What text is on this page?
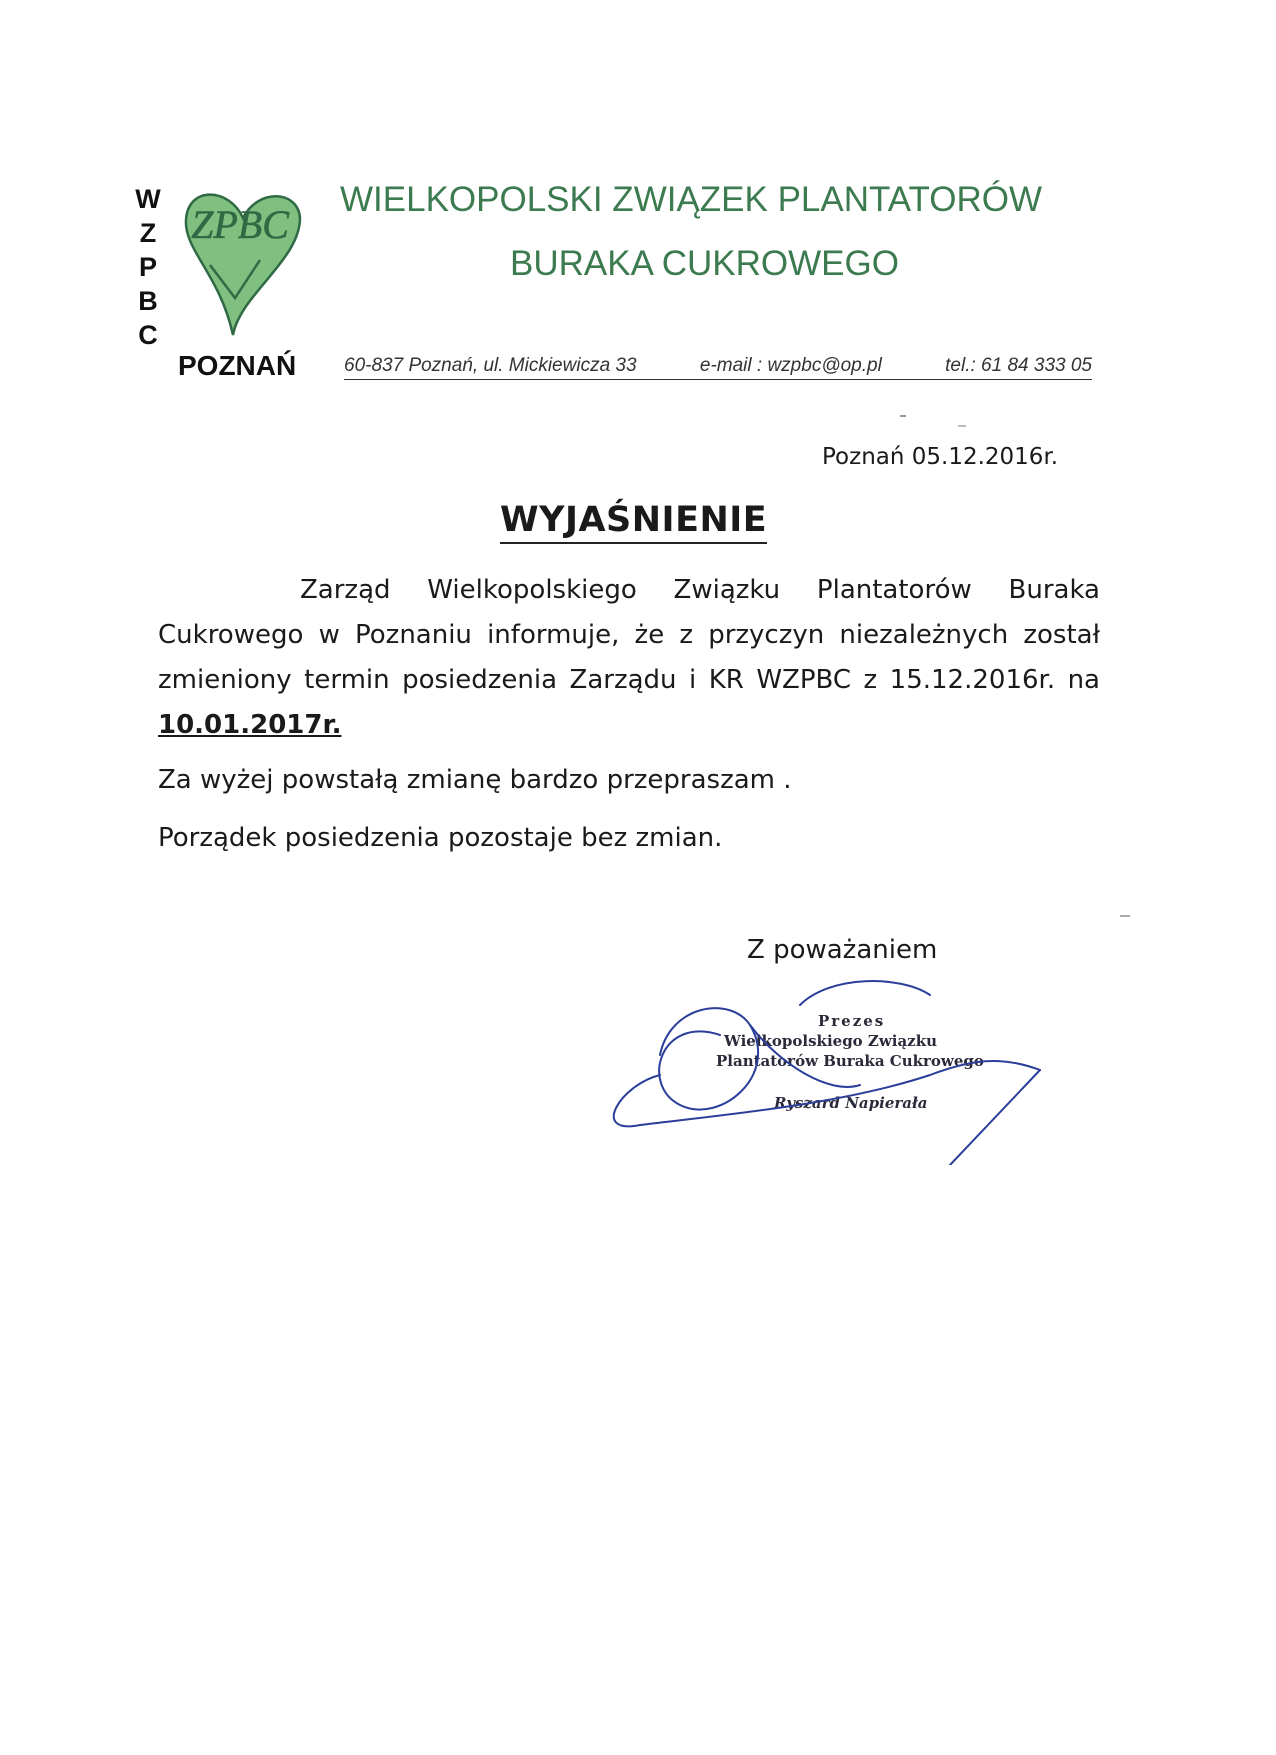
W
Z
P
B
C
ZPBC
POZNAŃ
WIELKOPOLSKI ZWIĄZEK PLANTATORÓW
BURAKA CUKROWEGO
60-837 Poznań, ul. Mickiewicza 33	e-mail : wzpbc@op.pl	tel.: 61 84 333 05
Poznań 05.12.2016r.
WYJAŚNIENIE

Zarząd Wielkopolskiego Związku Plantatorów Buraka Cukrowego w Poznaniu informuje, że z przyczyn niezależnych został zmieniony termin posiedzenia Zarządu i KR WZPBC z 15.12.2016r. na 10.01.2017r.

Za wyżej powstałą zmianę bardzo przepraszam .
Porządek posiedzenia pozostaje bez zmian.
Z poważaniem
Prezes
Wielkopolskiego Związku
Plantatorów Buraka Cukrowego
Ryszard Napierała
